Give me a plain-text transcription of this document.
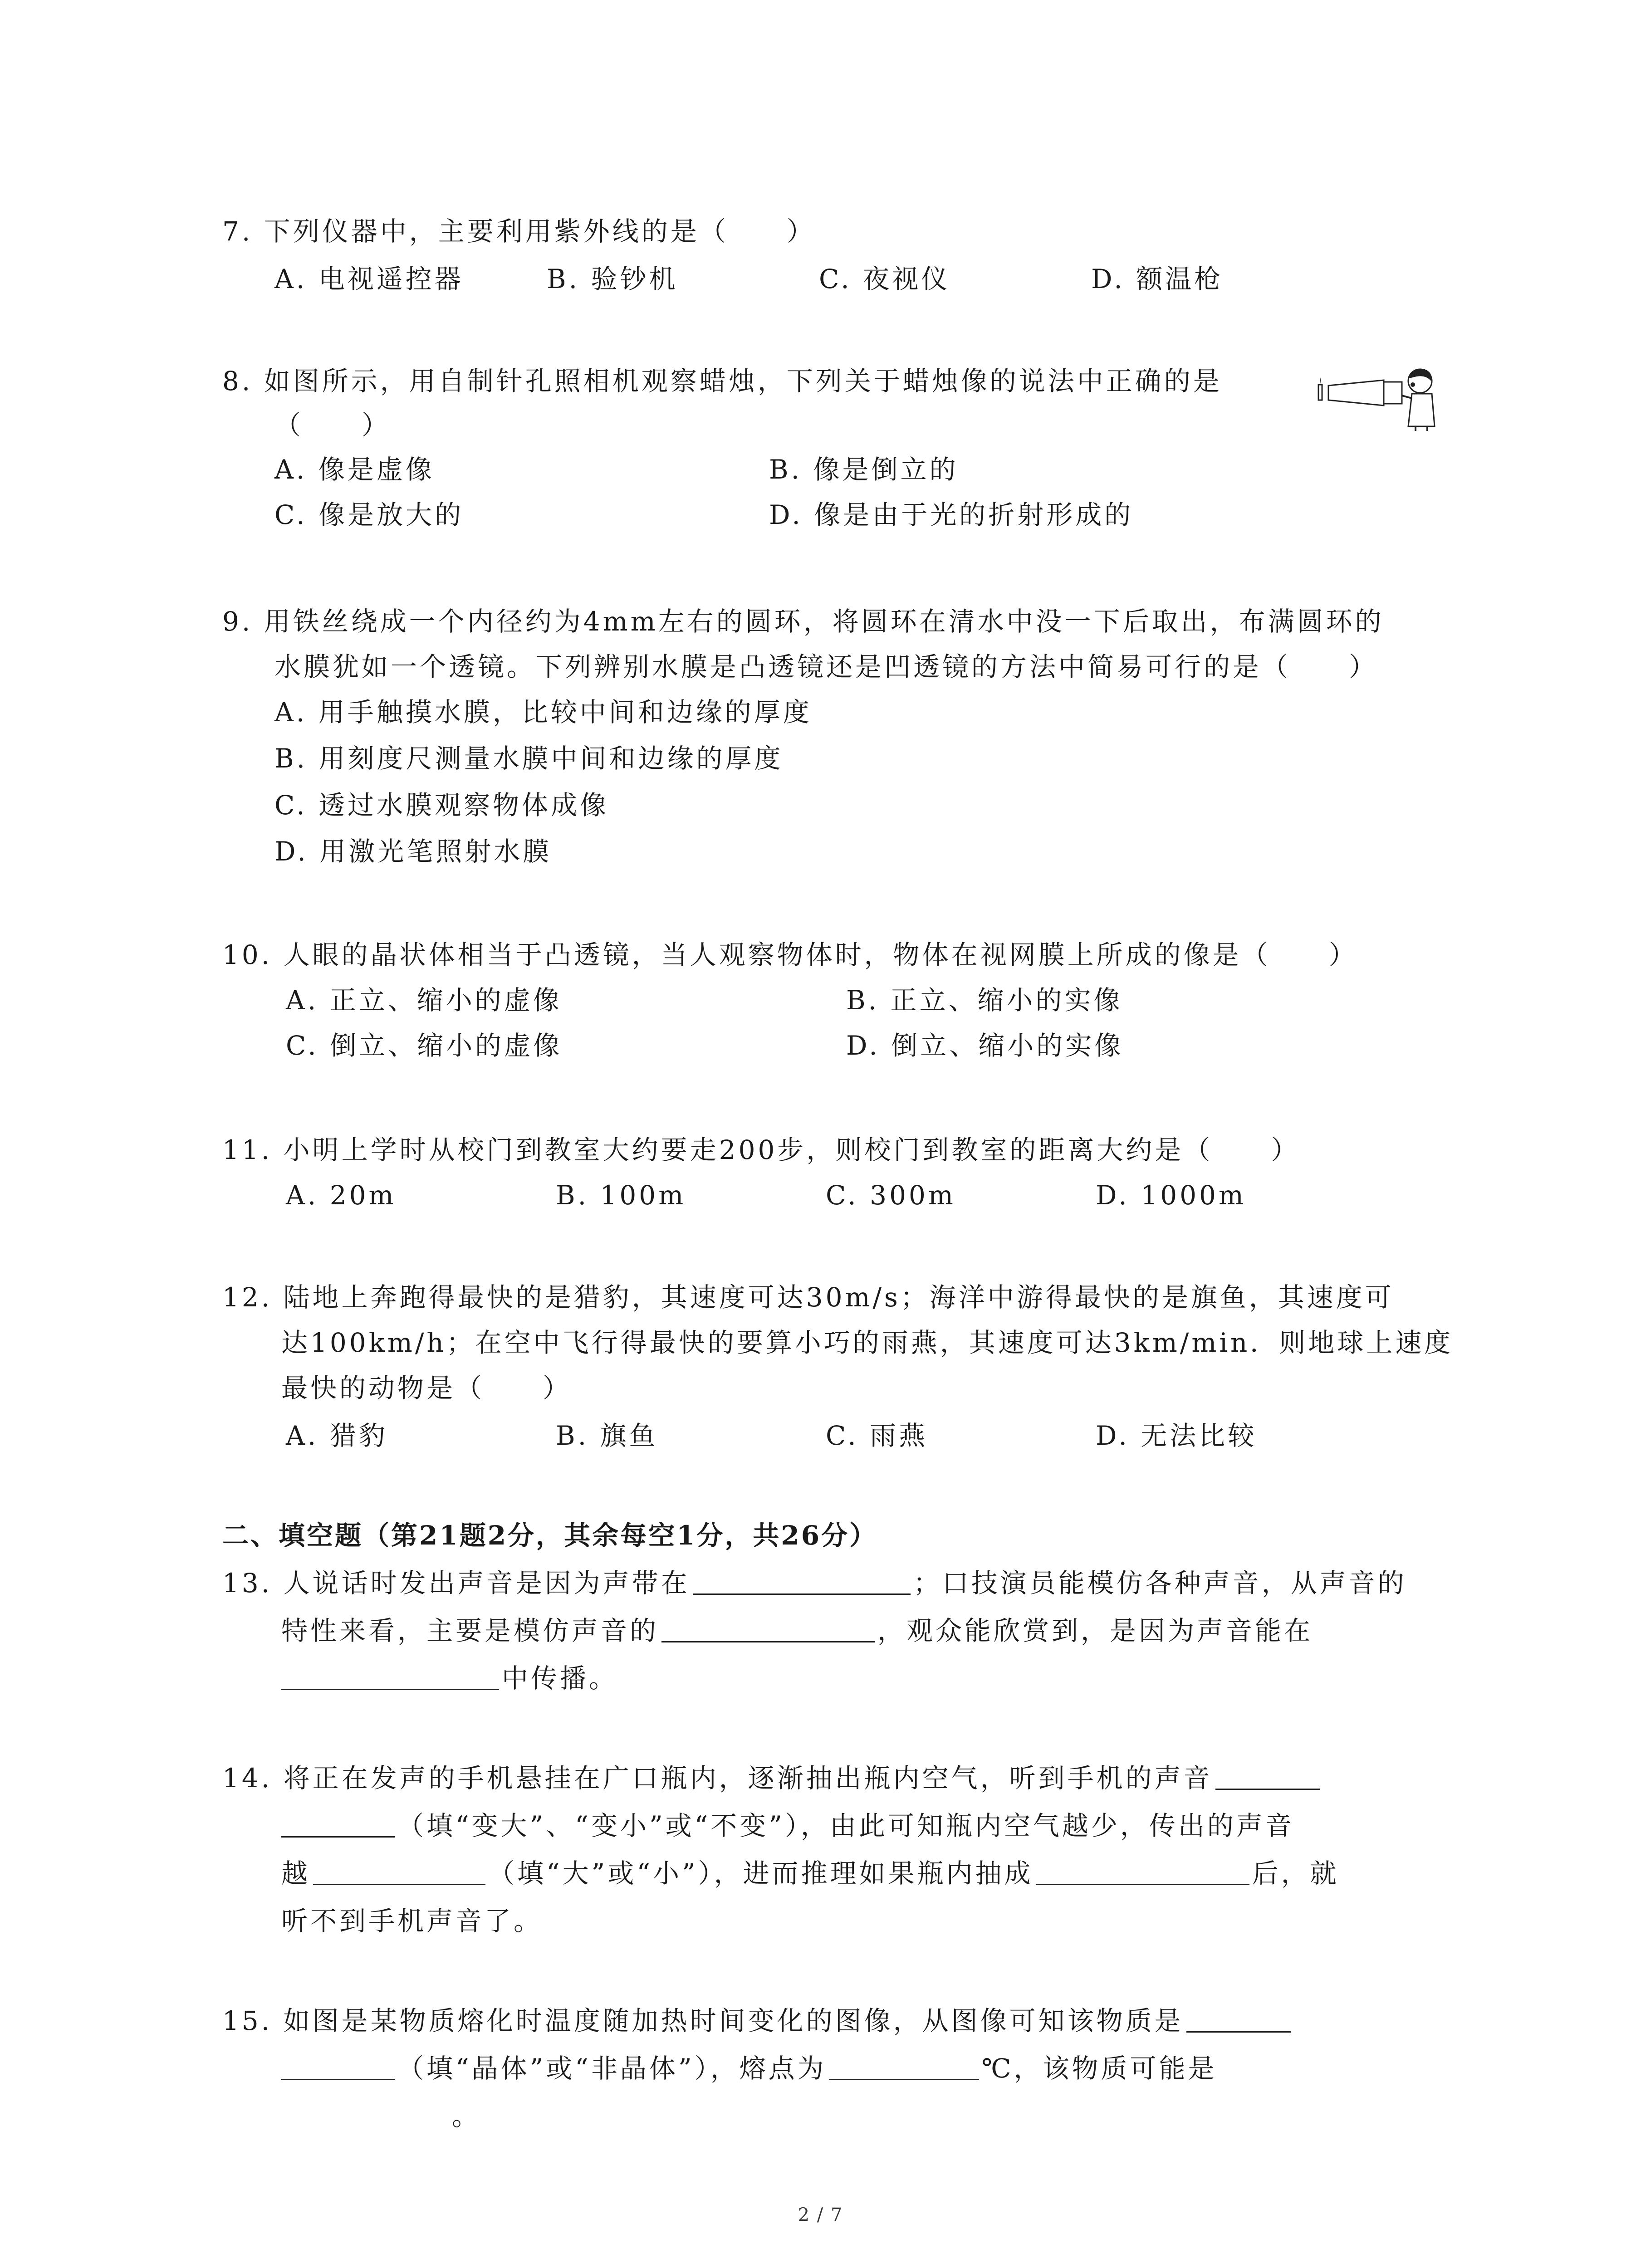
7. 下列仪器中，主要利用紫外线的是（　　）
A. 电视遥控器	B. 验钞机	C. 夜视仪	D. 额温枪
8. 如图所示，用自制针孔照相机观察蜡烛，下列关于蜡烛像的说法中正确的是
（　　）
A. 像是虚像	B. 像是倒立的
C. 像是放大的	D. 像是由于光的折射形成的
9. 用铁丝绕成一个内径约为4mm左右的圆环，将圆环在清水中没一下后取出，布满圆环的
水膜犹如一个透镜。下列辨别水膜是凸透镜还是凹透镜的方法中简易可行的是（　　）
A. 用手触摸水膜，比较中间和边缘的厚度
B. 用刻度尺测量水膜中间和边缘的厚度
C. 透过水膜观察物体成像
D. 用激光笔照射水膜
10. 人眼的晶状体相当于凸透镜，当人观察物体时，物体在视网膜上所成的像是（　　）
A. 正立、缩小的虚像	B. 正立、缩小的实像
C. 倒立、缩小的虚像	D. 倒立、缩小的实像
11. 小明上学时从校门到教室大约要走200步，则校门到教室的距离大约是（　　）
A. 20m	B. 100m	C. 300m	D. 1000m
12. 陆地上奔跑得最快的是猎豹，其速度可达30m/s；海洋中游得最快的是旗鱼，其速度可
达100km/h；在空中飞行得最快的要算小巧的雨燕，其速度可达3km/min．则地球上速度
最快的动物是（　　）
A. 猎豹	B. 旗鱼	C. 雨燕	D. 无法比较
二、填空题（第21题2分，其余每空1分，共26分）
13. 人说话时发出声音是因为声带在	；口技演员能模仿各种声音，从声音的
特性来看，主要是模仿声音的	，观众能欣赏到，是因为声音能在
中传播。
14. 将正在发声的手机悬挂在广口瓶内，逐渐抽出瓶内空气，听到手机的声音
（填“变大”、“变小”或“不变”），由此可知瓶内空气越少，传出的声音
越	（填“大”或“小”），进而推理如果瓶内抽成	后，就
听不到手机声音了。
15. 如图是某物质熔化时温度随加热时间变化的图像，从图像可知该物质是
（填“晶体”或“非晶体”），熔点为	℃，该物质可能是
。
2 / 7
